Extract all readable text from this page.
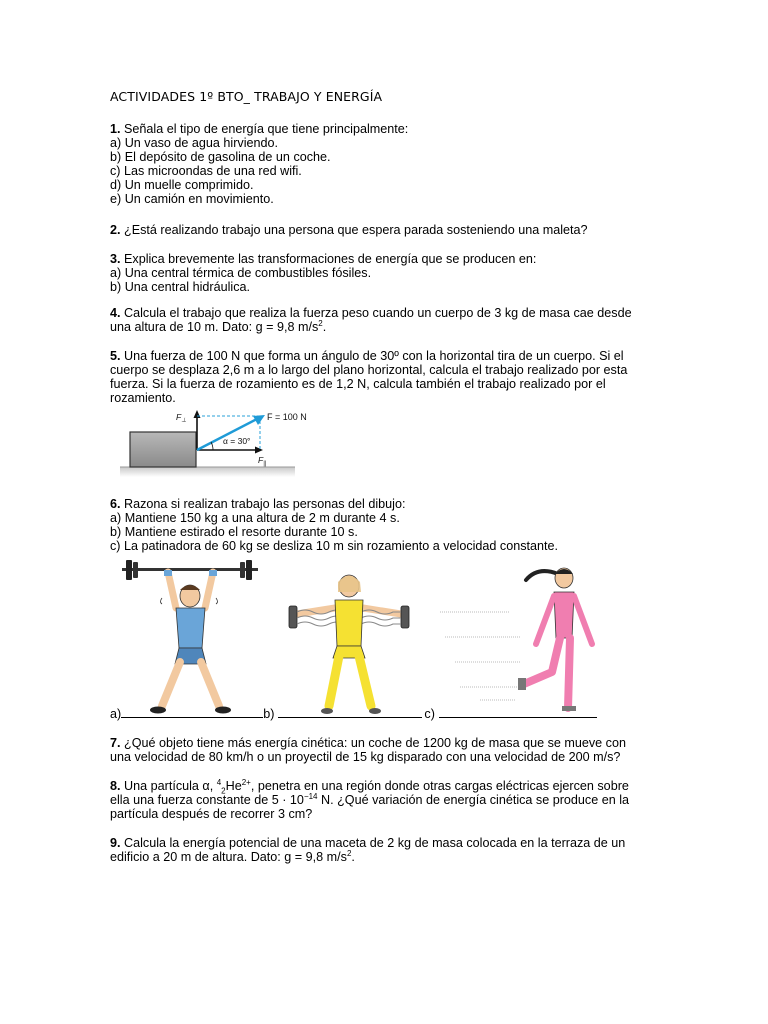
ACTIVIDADES 1º BTO_ TRABAJO Y ENERGÍA

1. Señala el tipo de energía que tiene principalmente:

a) Un vaso de agua hirviendo.

b) El depósito de gasolina de un coche.

c) Las microondas de una red wifi.

d) Un muelle comprimido.

e) Un camión en movimiento.

2. ¿Está realizando trabajo una persona que espera parada sosteniendo una maleta?

3. Explica brevemente las transformaciones de energía que se producen en:

a) Una central térmica de combustibles fósiles.

b) Una central hidráulica.

4. Calcula el trabajo que realiza la fuerza peso cuando un cuerpo de 3 kg de masa cae desde

una altura de 10 m. Dato: g = 9,8 $m/s^2$.

5. Una fuerza de 100 N que forma un ángulo de 30º con la horizontal tira de un cuerpo. Si el

cuerpo se desplaza 2,6 m a lo largo del plano horizontal, calcula el trabajo realizado por esta

fuerza. Si la fuerza de rozamiento es de 1,2 N, calcula también el trabajo realizado por el

rozamiento.

α = 30°
F = 100 N
$F_\perp$
$F_{||}$

6. Razona si realizan trabajo las personas del dibujo:

a) Mantiene 150 kg a una altura de 2 m durante 4 s.

b) Mantiene estirado el resorte durante 10 s.

c) La patinadora de 60 kg se desliza 10 m sin rozamiento a velocidad constante.

a)	b)	c)

7. ¿Qué objeto tiene más energía cinética: un coche de 1200 kg de masa que se mueve con

una velocidad de 80 km/h o un proyectil de 15 kg disparado con una velocidad de 200 m/s?

8. Una partícula α, $^4_2He^{2+}$, penetra en una región donde otras cargas eléctricas ejercen sobre

ella una fuerza constante de $5 \cdot 10^{-14}$ N. ¿Qué variación de energía cinética se produce en la

partícula después de recorrer 3 cm?

9. Calcula la energía potencial de una maceta de 2 kg de masa colocada en la terraza de un

edificio a 20 m de altura. Dato: g = 9,8 $m/s^2$.
